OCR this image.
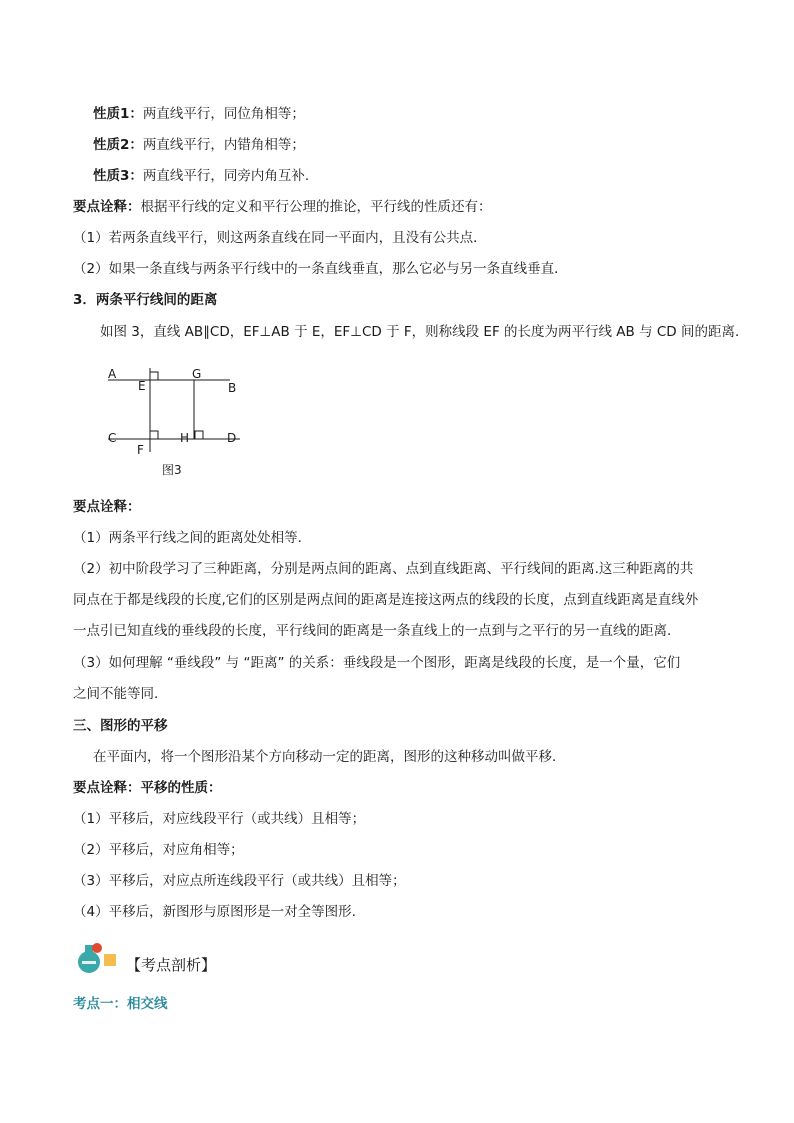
性质1：两直线平行，同位角相等；
性质2：两直线平行，内错角相等；
性质3：两直线平行，同旁内角互补.
要点诠释：根据平行线的定义和平行公理的推论，平行线的性质还有：
（1）若两条直线平行，则这两条直线在同一平面内，且没有公共点．
（2）如果一条直线与两条平行线中的一条直线垂直，那么它必与另一条直线垂直．
3．两条平行线间的距离
如图 3，直线 AB∥CD，EF⊥AB 于 E，EF⊥CD 于 F，则称线段 EF 的长度为两平行线 AB 与 CD 间的距离．
A
E
G
B
C	H	D
F
图3
要点诠释：
（1）两条平行线之间的距离处处相等.
（2）初中阶段学习了三种距离，分别是两点间的距离、点到直线距离、平行线间的距离.这三种距离的共
同点在于都是线段的长度,它们的区别是两点间的距离是连接这两点的线段的长度，点到直线距离是直线外
一点引已知直线的垂线段的长度，平行线间的距离是一条直线上的一点到与之平行的另一直线的距离.
（3）如何理解 “垂线段” 与 “距离” 的关系：垂线段是一个图形，距离是线段的长度，是一个量，它们
之间不能等同.
三、图形的平移
在平面内，将一个图形沿某个方向移动一定的距离，图形的这种移动叫做平移．
要点诠释：平移的性质：
（1）平移后，对应线段平行（或共线）且相等；
（2）平移后，对应角相等；
（3）平移后，对应点所连线段平行（或共线）且相等；
（4）平移后，新图形与原图形是一对全等图形.
【考点剖析】
考点一：相交线
